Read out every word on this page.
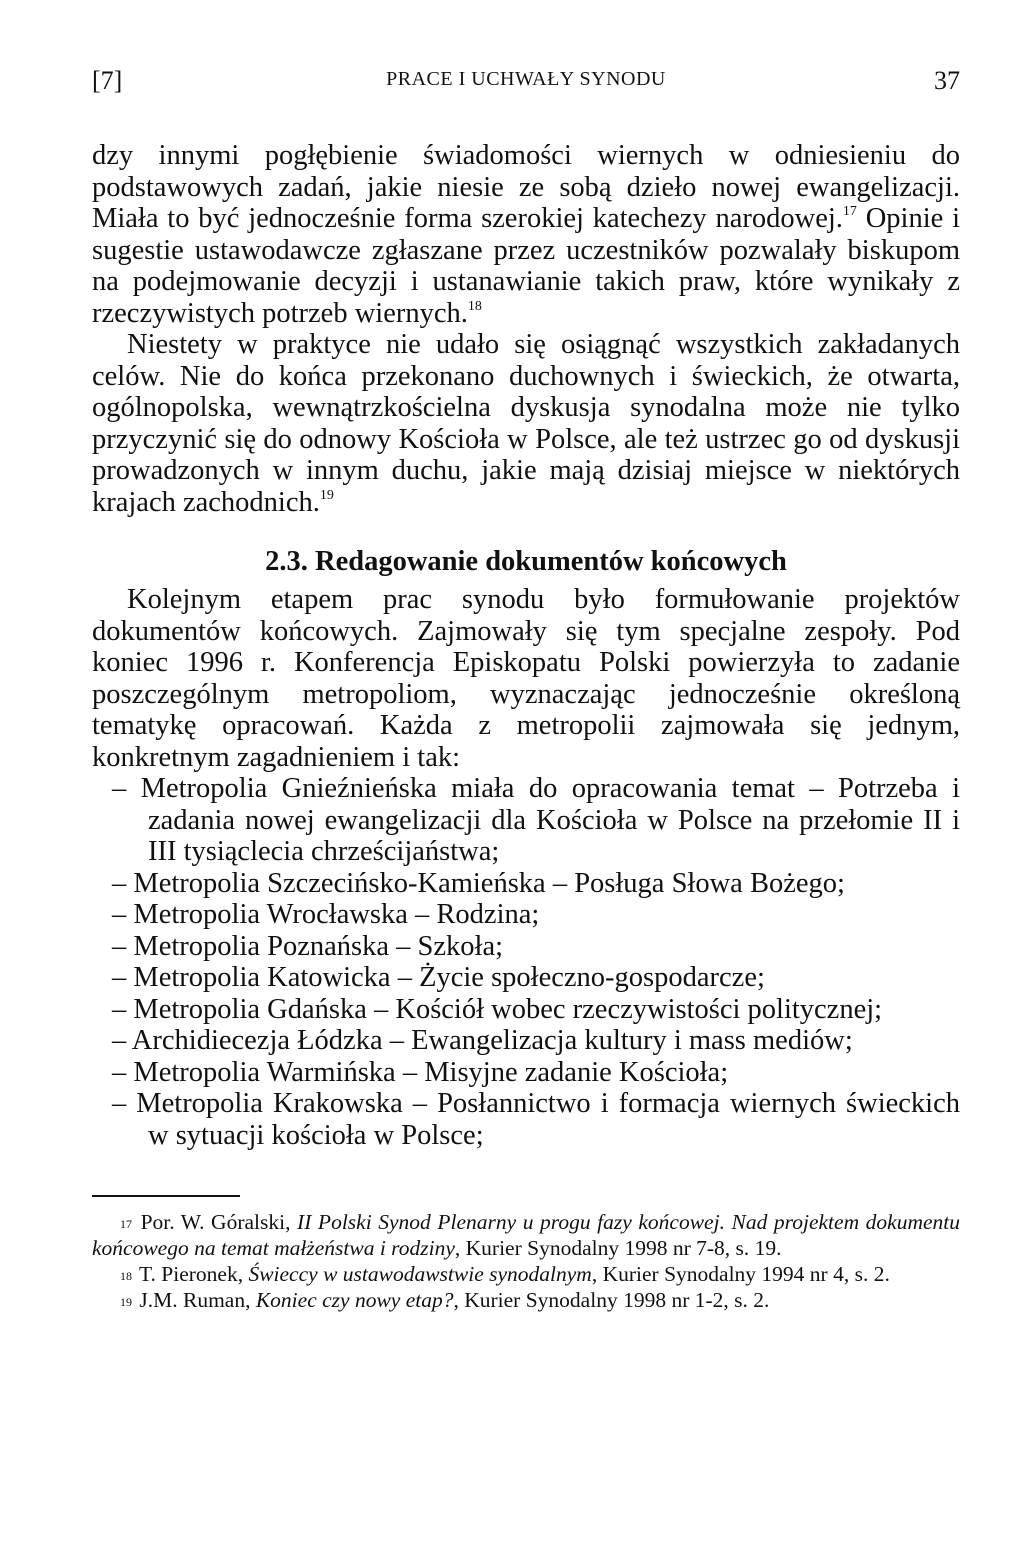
[7]	PRACE I UCHWAŁY SYNODU	37

dzy innymi pogłębienie świadomości wiernych w odniesieniu do podstawowych zadań, jakie niesie ze sobą dzieło nowej ewangelizacji. Miała to być jednocześnie forma szerokiej katechezy narodowej.$^{17}$ Opinie i sugestie ustawodawcze zgłaszane przez uczestników pozwalały biskupom na podejmowanie decyzji i ustanawianie takich praw, które wynikały z rzeczywistych potrzeb wiernych.$^{18}$

Niestety w praktyce nie udało się osiągnąć wszystkich zakładanych celów. Nie do końca przekonano duchownych i świeckich, że otwarta, ogólnopolska, wewnątrzkościelna dyskusja synodalna może nie tylko przyczynić się do odnowy Kościoła w Polsce, ale też ustrzec go od dyskusji prowadzonych w innym duchu, jakie mają dzisiaj miejsce w niektórych krajach zachodnich.$^{19}$

2.3. Redagowanie dokumentów końcowych

Kolejnym etapem prac synodu było formułowanie projektów dokumentów końcowych. Zajmowały się tym specjalne zespoły. Pod koniec 1996 r. Konferencja Episkopatu Polski powierzyła to zadanie poszczególnym metropoliom, wyznaczając jednocześnie określoną tematykę opracowań. Każda z metropolii zajmowała się jednym, konkretnym zagadnieniem i tak:

– Metropolia Gnieźnieńska miała do opracowania temat – Potrzeba i zadania nowej ewangelizacji dla Kościoła w Polsce na przełomie II i III tysiąclecia chrześcijaństwa;
– Metropolia Szczecińsko-Kamieńska – Posługa Słowa Bożego;
– Metropolia Wrocławska – Rodzina;
– Metropolia Poznańska – Szkoła;
– Metropolia Katowicka – Życie społeczno-gospodarcze;
– Metropolia Gdańska – Kościół wobec rzeczywistości politycznej;
– Archidiecezja Łódzka – Ewangelizacja kultury i mass mediów;
– Metropolia Warmińska – Misyjne zadanie Kościoła;
– Metropolia Krakowska – Posłannictwo i formacja wiernych świeckich w sytuacji kościoła w Polsce;

$^{17}$ Por. W. Góralski, II Polski Synod Plenarny u progu fazy końcowej. Nad projektem dokumentu końcowego na temat małżeństwa i rodziny, Kurier Synodalny 1998 nr 7-8, s. 19.

$^{18}$ T. Pieronek, Świeccy w ustawodawstwie synodalnym, Kurier Synodalny 1994 nr 4, s. 2.

$^{19}$ J.M. Ruman, Koniec czy nowy etap?, Kurier Synodalny 1998 nr 1-2, s. 2.
